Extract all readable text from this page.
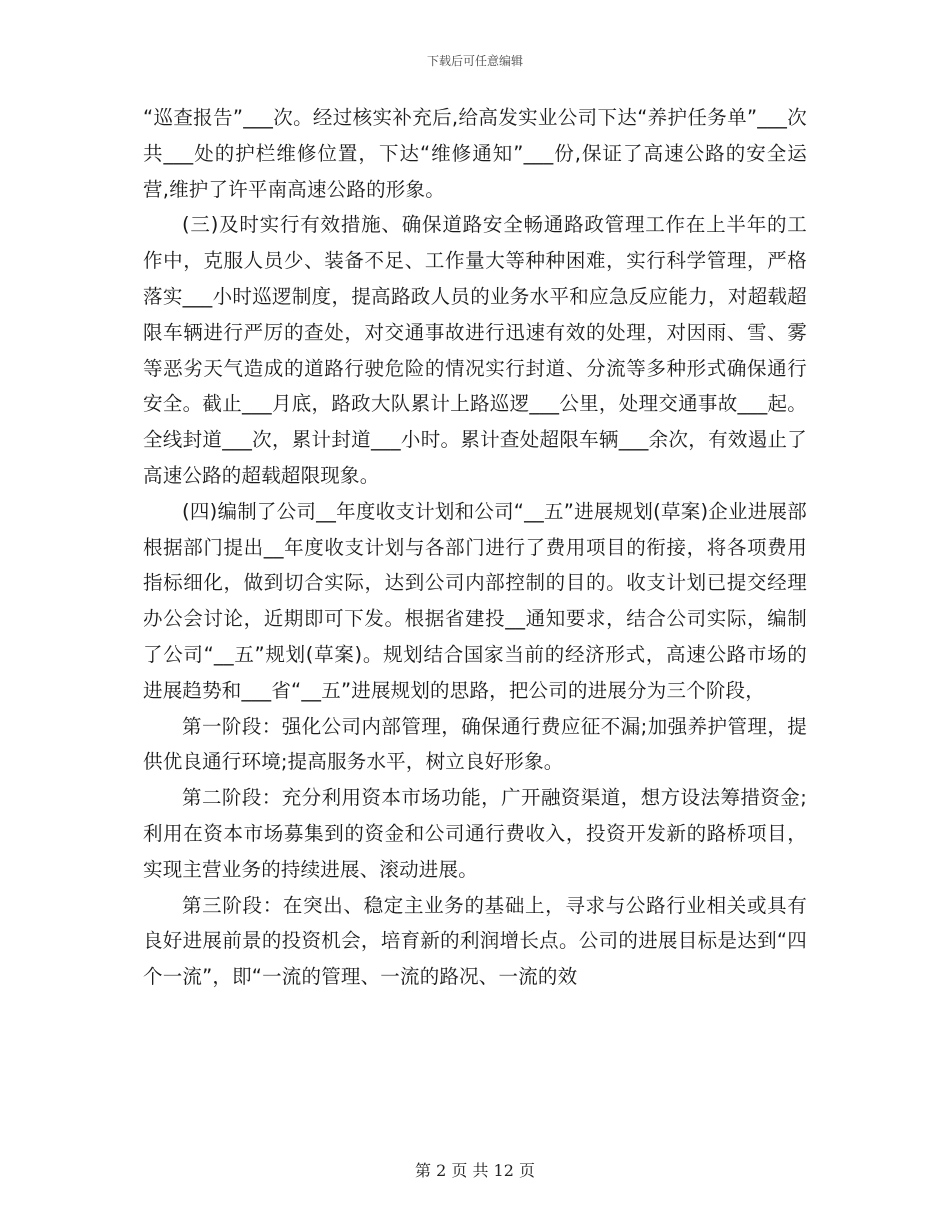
下载后可任意编辑

“巡查报告”___次。经过核实补充后,给高发实业公司下达“养护任务单”___次共___处的护栏维修位置，下达“维修通知”___份,保证了高速公路的安全运营,维护了许平南高速公路的形象。

(三)及时实行有效措施、确保道路安全畅通路政管理工作在上半年的工作中，克服人员少、装备不足、工作量大等种种困难，实行科学管理，严格落实___小时巡逻制度，提高路政人员的业务水平和应急反应能力，对超载超限车辆进行严厉的查处，对交通事故进行迅速有效的处理，对因雨、雪、雾等恶劣天气造成的道路行驶危险的情况实行封道、分流等多种形式确保通行安全。截止___月底，路政大队累计上路巡逻___公里，处理交通事故___起。全线封道___次，累计封道___小时。累计查处超限车辆___余次，有效遏止了高速公路的超载超限现象。

(四)编制了公司__年度收支计划和公司“__五”进展规划(草案)企业进展部根据部门提出__年度收支计划与各部门进行了费用项目的衔接，将各项费用指标细化，做到切合实际，达到公司内部控制的目的。收支计划已提交经理办公会讨论，近期即可下发。根据省建投__通知要求，结合公司实际，编制了公司“__五”规划(草案)。规划结合国家当前的经济形式，高速公路市场的进展趋势和___省“__五”进展规划的思路，把公司的进展分为三个阶段，

第一阶段：强化公司内部管理，确保通行费应征不漏;加强养护管理，提供优良通行环境;提高服务水平，树立良好形象。

第二阶段：充分利用资本市场功能，广开融资渠道，想方设法筹措资金;利用在资本市场募集到的资金和公司通行费收入，投资开发新的路桥项目，实现主营业务的持续进展、滚动进展。

第三阶段：在突出、稳定主业务的基础上，寻求与公路行业相关或具有良好进展前景的投资机会，培育新的利润增长点。公司的进展目标是达到“四个一流”，即“一流的管理、一流的路况、一流的效

第 2 页 共 12 页
